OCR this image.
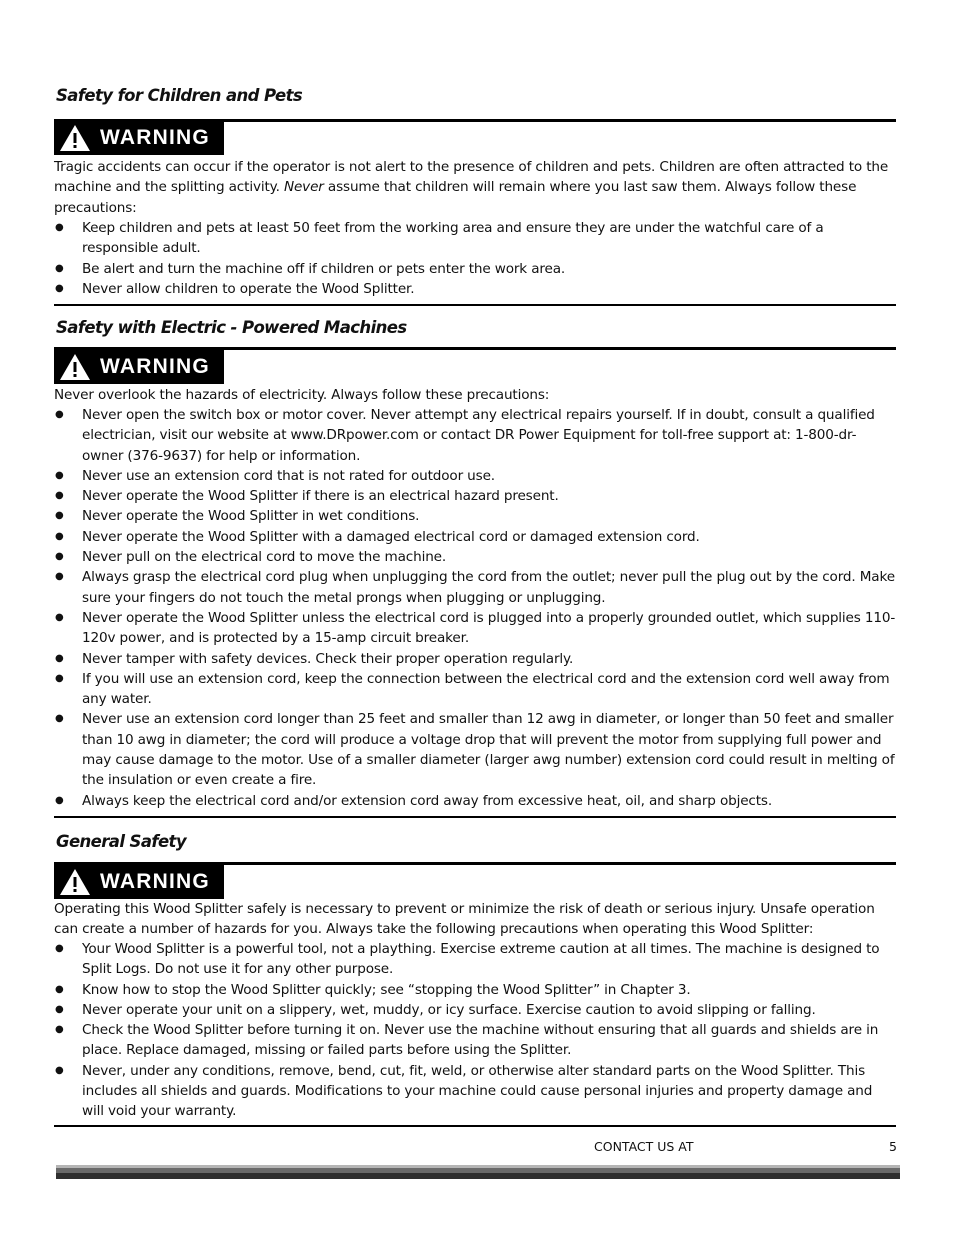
Safety for Children and Pets
WARNING
Tragic accidents can occur if the operator is not alert to the presence of children and pets. Children are often attracted to the machine and the splitting activity. Never assume that children will remain where you last saw them. Always follow these precautions:
● Keep children and pets at least 50 feet from the working area and ensure they are under the watchful care of a responsible adult.
● Be alert and turn the machine off if children or pets enter the work area.
● Never allow children to operate the Wood Splitter.
Safety with Electric - Powered Machines
WARNING
Never overlook the hazards of electricity. Always follow these precautions:
● Never open the switch box or motor cover. Never attempt any electrical repairs yourself. If in doubt, consult a qualified electrician, visit our website at www.DRpower.com or contact DR Power Equipment for toll-free support at: 1-800-dr-owner (376-9637) for help or information.
● Never use an extension cord that is not rated for outdoor use.
● Never operate the Wood Splitter if there is an electrical hazard present.
● Never operate the Wood Splitter in wet conditions.
● Never operate the Wood Splitter with a damaged electrical cord or damaged extension cord.
● Never pull on the electrical cord to move the machine.
● Always grasp the electrical cord plug when unplugging the cord from the outlet; never pull the plug out by the cord. Make sure your fingers do not touch the metal prongs when plugging or unplugging.
● Never operate the Wood Splitter unless the electrical cord is plugged into a properly grounded outlet, which supplies 110-120v power, and is protected by a 15-amp circuit breaker.
● Never tamper with safety devices. Check their proper operation regularly.
● If you will use an extension cord, keep the connection between the electrical cord and the extension cord well away from any water.
● Never use an extension cord longer than 25 feet and smaller than 12 awg in diameter, or longer than 50 feet and smaller than 10 awg in diameter; the cord will produce a voltage drop that will prevent the motor from supplying full power and may cause damage to the motor. Use of a smaller diameter (larger awg number) extension cord could result in melting of the insulation or even create a fire.
● Always keep the electrical cord and/or extension cord away from excessive heat, oil, and sharp objects.
General Safety
WARNING
Operating this Wood Splitter safely is necessary to prevent or minimize the risk of death or serious injury. Unsafe operation can create a number of hazards for you. Always take the following precautions when operating this Wood Splitter:
● Your Wood Splitter is a powerful tool, not a plaything. Exercise extreme caution at all times. The machine is designed to Split Logs. Do not use it for any other purpose.
● Know how to stop the Wood Splitter quickly; see “stopping the Wood Splitter” in Chapter 3.
● Never operate your unit on a slippery, wet, muddy, or icy surface. Exercise caution to avoid slipping or falling.
● Check the Wood Splitter before turning it on. Never use the machine without ensuring that all guards and shields are in place. Replace damaged, missing or failed parts before using the Splitter.
● Never, under any conditions, remove, bend, cut, fit, weld, or otherwise alter standard parts on the Wood Splitter. This includes all shields and guards. Modifications to your machine could cause personal injuries and property damage and will void your warranty.
CONTACT US AT	5
